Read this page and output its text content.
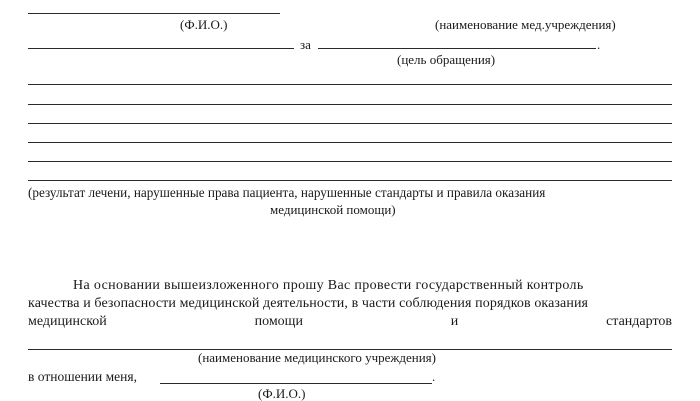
(Ф.И.О.)	(наименование мед.учреждения)
за	.
(цель обращения)
(результат лечени, нарушенные права пациента, нарушенные стандарты и правила оказания
медицинской помощи)
На основании вышеизложенного прошу Вас провести государственный контроль
качества и безопасности медицинской деятельности, в части соблюдения порядков оказания
медицинской	помощи	и	стандартов
(наименование медицинского учреждения)
в отношении меня,	.
(Ф.И.О.)
